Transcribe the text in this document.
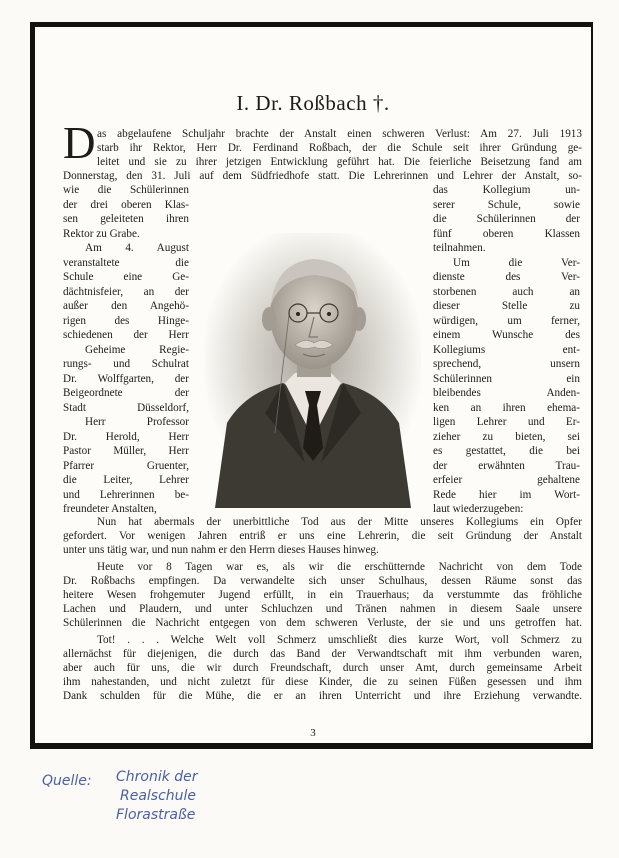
I. Dr. Roßbach †.
D as abgelaufene Schuljahr brachte der Anstalt einen schweren Verlust: Am 27. Juli 1913
starb ihr Rektor, Herr Dr. Ferdinand Roßbach, der die Schule seit ihrer Gründung ge-
leitet und sie zu ihrer jetzigen Entwicklung geführt hat. Die feierliche Beisetzung fand am
Donnerstag, den 31. Juli auf dem Südfriedhofe statt. Die Lehrerinnen und Lehrer der Anstalt, so-
wie die Schülerinnen
der drei oberen Klas-
sen geleiteten ihren
Rektor zu Grabe.
Am 4. August
veranstaltete die
Schule eine Ge-
dächtnisfeier, an der
außer den Angehö-
rigen des Hinge-
schiedenen der Herr
Geheime Regie-
rungs- und Schulrat
Dr. Wolffgarten, der
Beigeordnete der
Stadt Düsseldorf,
Herr Professor
Dr. Herold, Herr
Pastor Müller, Herr
Pfarrer Gruenter,
die Leiter, Lehrer
und Lehrerinnen be-
freundeter Anstalten,
das Kollegium un-
serer Schule, sowie
die Schülerinnen der
fünf oberen Klassen
teilnahmen.
Um die Ver-
dienste des Ver-
storbenen auch an
dieser Stelle zu
würdigen, um ferner,
einem Wunsche des
Kollegiums ent-
sprechend, unsern
Schülerinnen ein
bleibendes Anden-
ken an ihren ehema-
ligen Lehrer und Er-
zieher zu bieten, sei
es gestattet, die bei
der erwähnten Trau-
erfeier gehaltene
Rede hier im Wort-
laut wiederzugeben:
Nun hat abermals der unerbittliche Tod aus der Mitte unseres Kollegiums ein Opfer
gefordert. Vor wenigen Jahren entriß er uns eine Lehrerin, die seit Gründung der Anstalt
unter uns tätig war, und nun nahm er den Herrn dieses Hauses hinweg.
Heute vor 8 Tagen war es, als wir die erschütternde Nachricht von dem Tode
Dr. Roßbachs empfingen. Da verwandelte sich unser Schulhaus, dessen Räume sonst das
heitere Wesen frohgemuter Jugend erfüllt, in ein Trauerhaus; da verstummte das fröhliche
Lachen und Plaudern, und unter Schluchzen und Tränen nahmen in diesem Saale unsere
Schülerinnen die Nachricht entgegen von dem schweren Verluste, der sie und uns getroffen hat.
Tot! . . . Welche Welt voll Schmerz umschließt dies kurze Wort, voll Schmerz zu
allernächst für diejenigen, die durch das Band der Verwandtschaft mit ihm verbunden waren,
aber auch für uns, die wir durch Freundschaft, durch unser Amt, durch gemeinsame Arbeit
ihm nahestanden, und nicht zuletzt für diese Kinder, die zu seinen Füßen gesessen und ihm
Dank schulden für die Mühe, die er an ihren Unterricht und ihre Erziehung verwandte.
3
Quelle: Chronik der
Realschule
Florastraße
